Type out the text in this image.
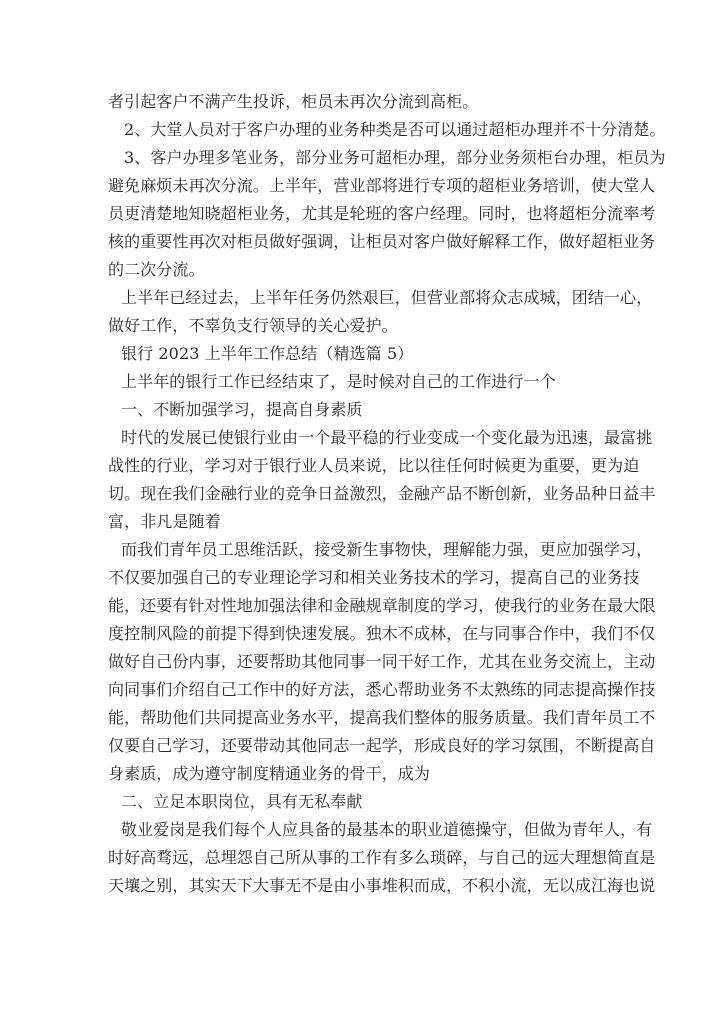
者引起客户不满产生投诉，柜员未再次分流到高柜。
2、大堂人员对于客户办理的业务种类是否可以通过超柜办理并不十分清楚。
3、客户办理多笔业务，部分业务可超柜办理，部分业务须柜台办理，柜员为
避免麻烦未再次分流。上半年，营业部将进行专项的超柜业务培训，使大堂人
员更清楚地知晓超柜业务，尤其是轮班的客户经理。同时，也将超柜分流率考
核的重要性再次对柜员做好强调，让柜员对客户做好解释工作，做好超柜业务
的二次分流。
上半年已经过去，上半年任务仍然艰巨，但营业部将众志成城，团结一心，
做好工作，不辜负支行领导的关心爱护。
银行 2023 上半年工作总结（精选篇 5）
上半年的银行工作已经结束了，是时候对自己的工作进行一个
一、不断加强学习，提高自身素质
时代的发展已使银行业由一个最平稳的行业变成一个变化最为迅速，最富挑
战性的行业，学习对于银行业人员来说，比以往任何时候更为重要，更为迫
切。现在我们金融行业的竞争日益激烈，金融产品不断创新，业务品种日益丰
富，非凡是随着
而我们青年员工思维活跃，接受新生事物快，理解能力强，更应加强学习，
不仅要加强自己的专业理论学习和相关业务技术的学习，提高自己的业务技
能，还要有针对性地加强法律和金融规章制度的学习，使我行的业务在最大限
度控制风险的前提下得到快速发展。独木不成林，在与同事合作中，我们不仅
做好自己份内事，还要帮助其他同事一同干好工作，尤其在业务交流上，主动
向同事们介绍自己工作中的好方法，悉心帮助业务不太熟练的同志提高操作技
能，帮助他们共同提高业务水平，提高我们整体的服务质量。我们青年员工不
仅要自己学习，还要带动其他同志一起学，形成良好的学习氛围，不断提高自
身素质，成为遵守制度精通业务的骨干，成为
二、立足本职岗位，具有无私奉献
敬业爱岗是我们每个人应具备的最基本的职业道德操守，但做为青年人，有
时好高骛远，总埋怨自己所从事的工作有多么琐碎，与自己的远大理想简直是
天壤之别，其实天下大事无不是由小事堆积而成，不积小流，无以成江海也说
